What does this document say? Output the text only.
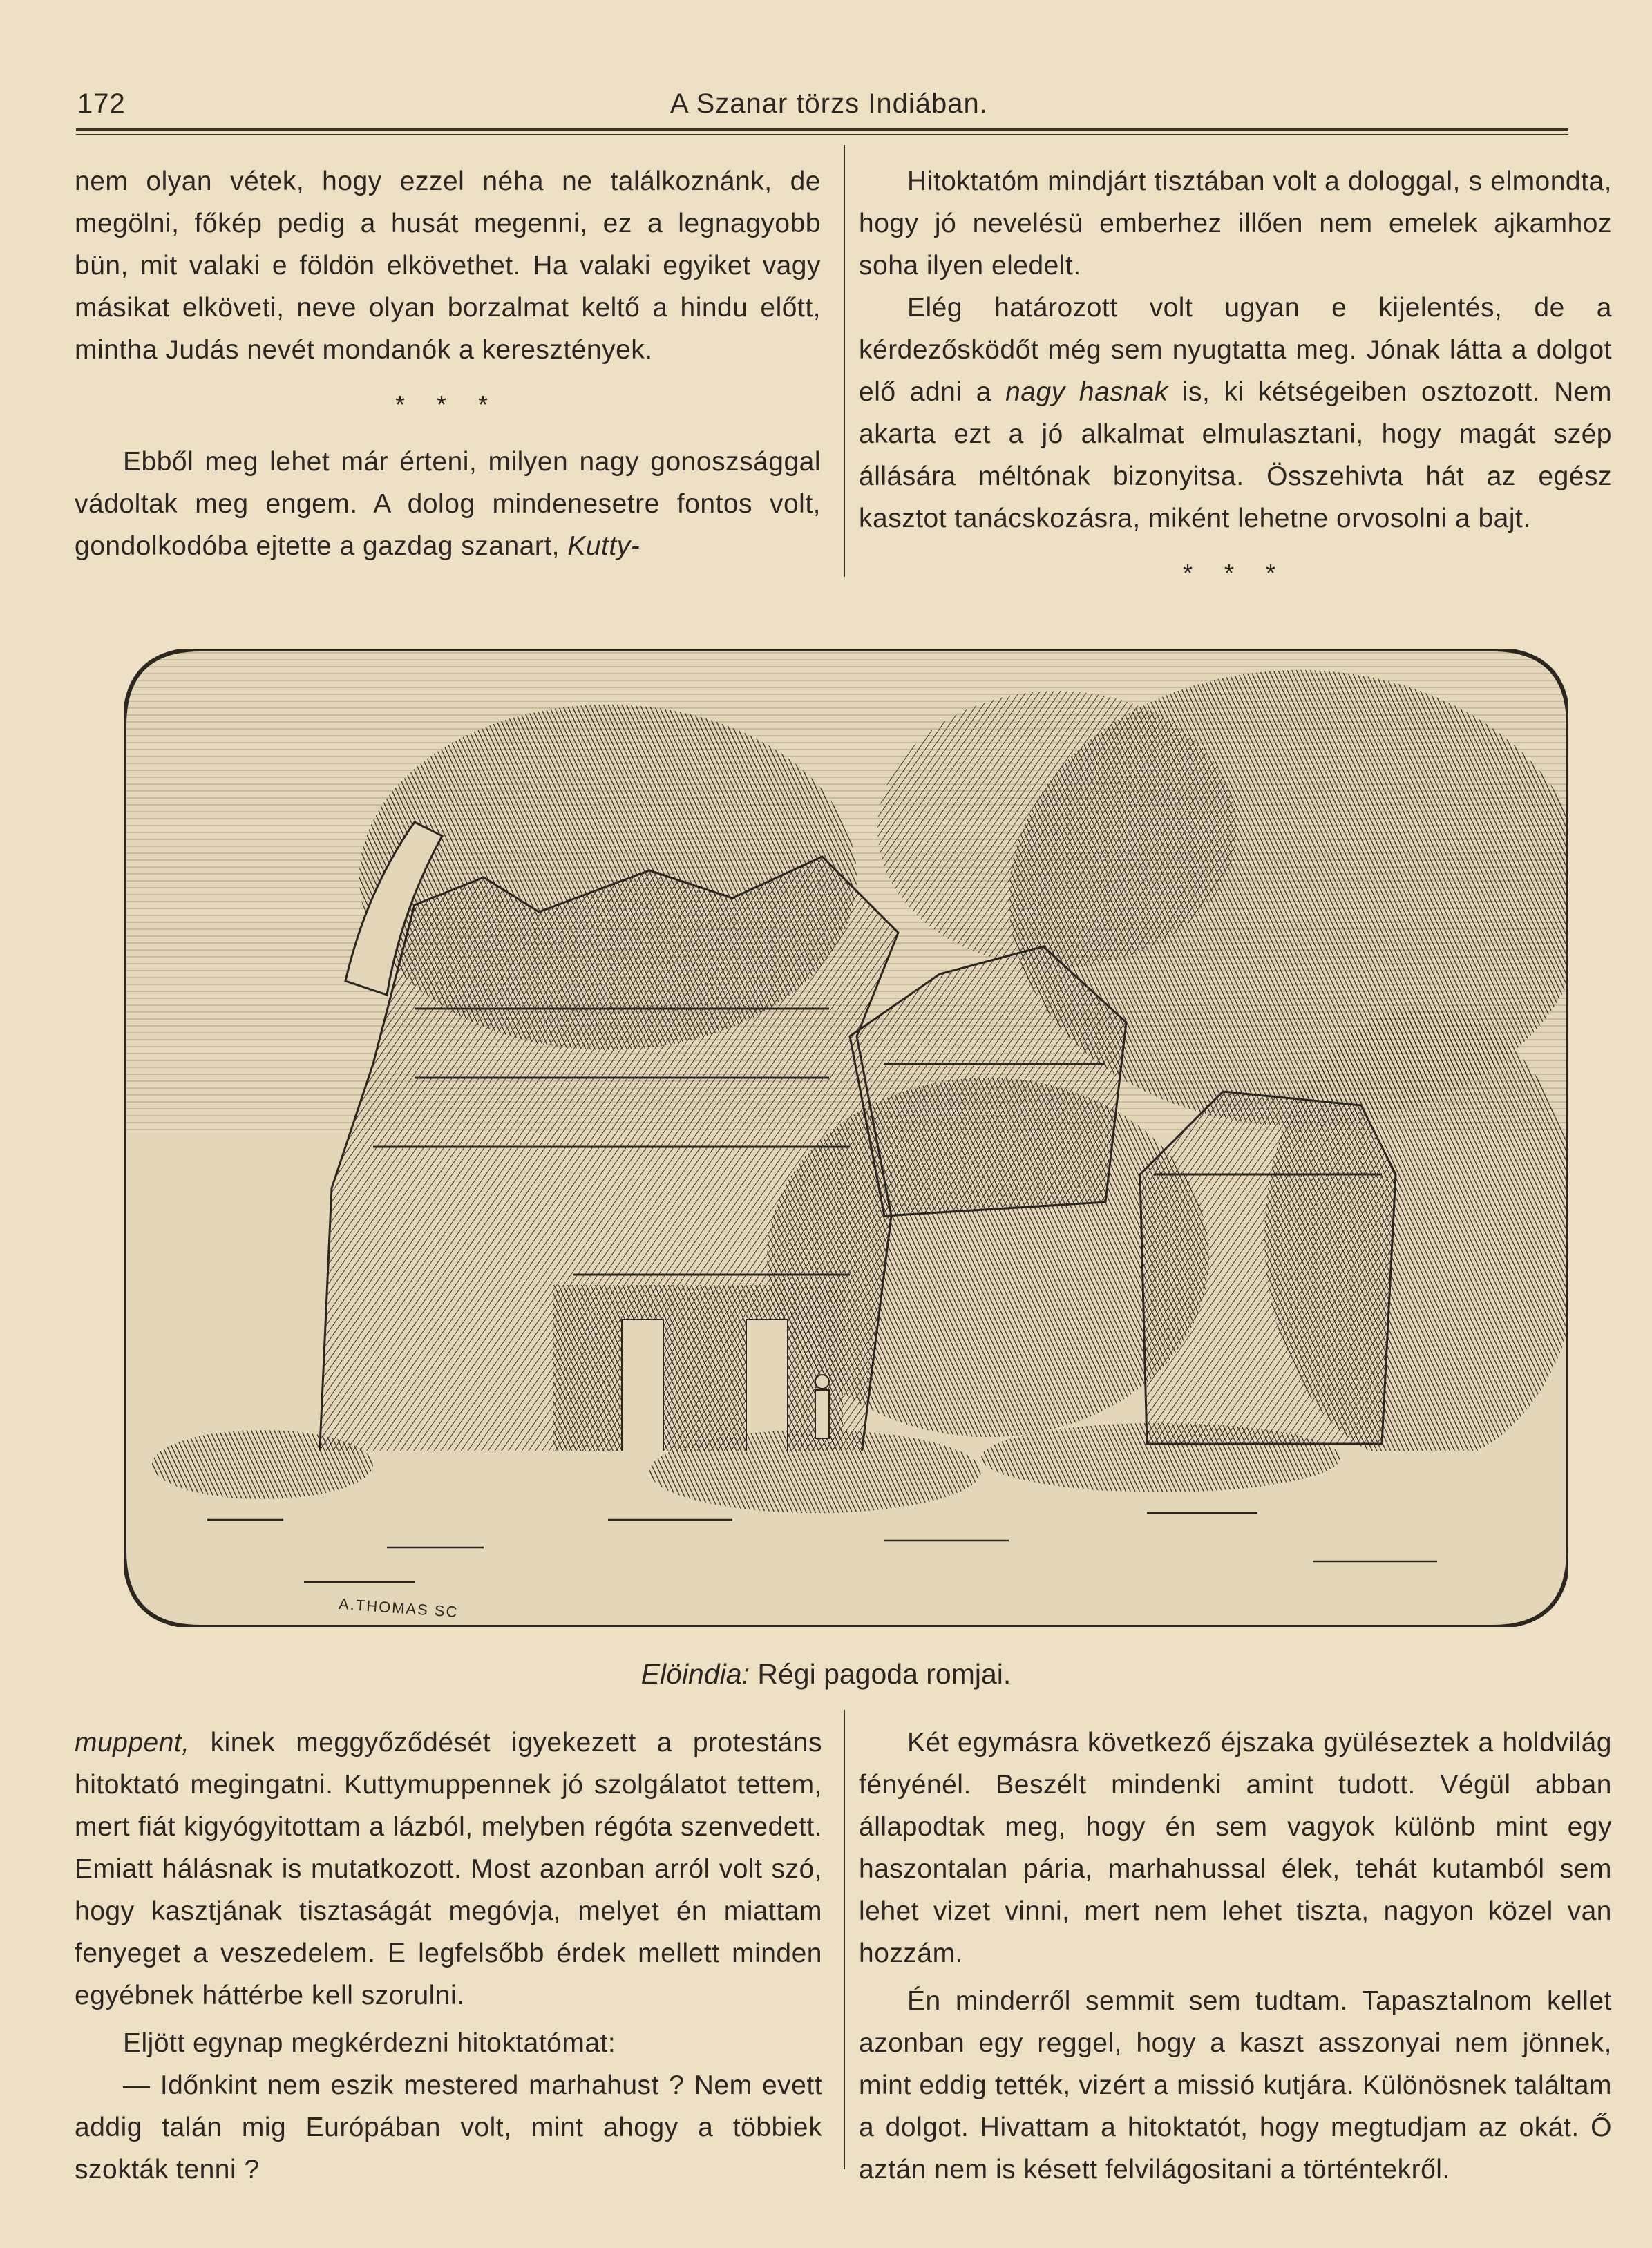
172	A Szanar törzs Indiában.

nem olyan vétek, hogy ezzel néha ne találkoznánk, de megölni, főkép pedig a husát megenni, ez a legnagyobb bün, mit valaki e földön elkövethet. Ha valaki egyiket vagy másikat elköveti, neve olyan borzalmat keltő a hindu előtt, mintha Judás nevét mondanók a keresztények.

* * *

Ebből meg lehet már érteni, milyen nagy gonoszsággal vádoltak meg engem. A dolog mindenesetre fontos volt, gondolkodóba ejtette a gazdag szanart, Kutty-

Hitoktatóm mindjárt tisztában volt a dologgal, s elmondta, hogy jó nevelésü emberhez illően nem emelek ajkamhoz soha ilyen eledelt.

Elég határozott volt ugyan e kijelentés, de a kérdezősködőt még sem nyugtatta meg. Jónak látta a dolgot elő adni a nagy hasnak is, ki kétségeiben osztozott. Nem akarta ezt a jó alkalmat elmulasztani, hogy magát szép állására méltónak bizonyitsa. Összehivta hát az egész kasztot tanácskozásra, miként lehetne orvosolni a bajt.

* * *
A.THOMAS SC
Elöindia: Régi pagoda romjai.

muppent, kinek meggyőződését igyekezett a protestáns hitoktató megingatni. Kuttymuppennek jó szolgálatot tettem, mert fiát kigyógyitottam a lázból, melyben régóta szenvedett. Emiatt hálásnak is mutatkozott. Most azonban arról volt szó, hogy kasztjának tisztaságát megóvja, melyet én miattam fenyeget a veszedelem. E legfelsőbb érdek mellett minden egyébnek háttérbe kell szorulni.

Eljött egynap megkérdezni hitoktatómat:

— Időnkint nem eszik mestered marhahust ? Nem evett addig talán mig Európában volt, mint ahogy a többiek szokták tenni ?

Két egymásra következő éjszaka gyüléseztek a holdvilág fényénél. Beszélt mindenki amint tudott. Végül abban állapodtak meg, hogy én sem vagyok különb mint egy haszontalan pária, marhahussal élek, tehát kutamból sem lehet vizet vinni, mert nem lehet tiszta, nagyon közel van hozzám.

Én minderről semmit sem tudtam. Tapasztalnom kellet azonban egy reggel, hogy a kaszt asszonyai nem jönnek, mint eddig tették, vizért a missió kutjára. Különösnek találtam a dolgot. Hivattam a hitoktatót, hogy megtudjam az okát. Ő aztán nem is késett felvilágositani a történtekről.
